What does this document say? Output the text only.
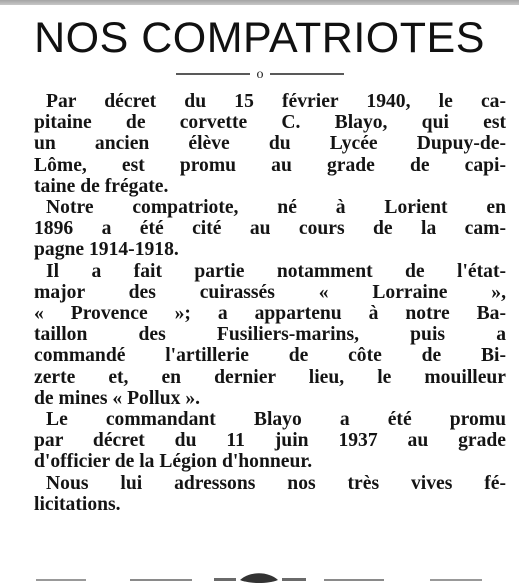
NOS COMPATRIOTES
o

Par décret du 15 février 1940, le ca-
pitaine de corvette C. Blayo, qui est
un ancien élève du Lycée Dupuy-de-
Lôme, est promu au grade de capi-
taine de frégate.

Notre compatriote, né à Lorient en
1896 a été cité au cours de la cam-
pagne 1914-1918.

Il a fait partie notamment de l'état-
major des cuirassés « Lorraine »,
« Provence »; a appartenu à notre Ba-
taillon des Fusiliers-marins, puis a
commandé l'artillerie de côte de Bi-
zerte et, en dernier lieu, le mouilleur
de mines « Pollux ».

Le commandant Blayo a été promu
par décret du 11 juin 1937 au grade
d'officier de la Légion d'honneur.

Nous lui adressons nos très vives fé-
licitations.
